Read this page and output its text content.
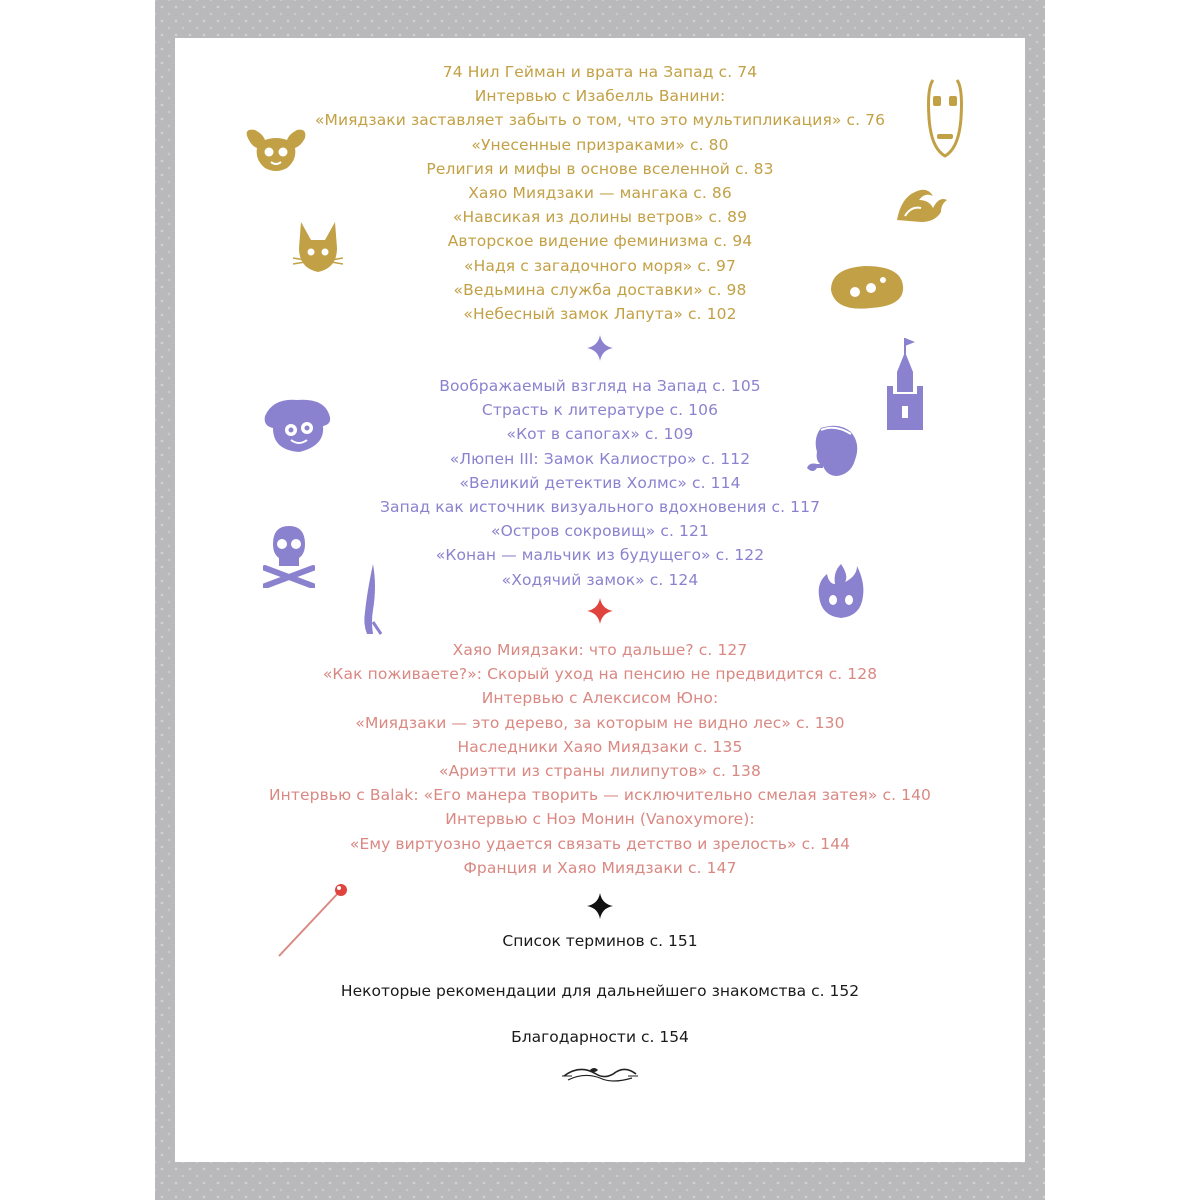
74 Нил Гейман и врата на Запад с. 74
Интервью с Изабелль Ванини:
«Миядзаки заставляет забыть о том, что это мультипликация» с. 76
«Унесенные призраками» с. 80
Религия и мифы в основе вселенной с. 83
Хаяо Миядзаки — мангака с. 86
«Навсикая из долины ветров» с. 89
Авторское видение феминизма с. 94
«Надя с загадочного моря» с. 97
«Ведьмина служба доставки» с. 98
«Небесный замок Лапута» с. 102
Воображаемый взгляд на Запад с. 105
Страсть к литературе с. 106
«Кот в сапогах» с. 109
«Люпен III: Замок Калиостро» с. 112
«Великий детектив Холмс» с. 114
Запад как источник визуального вдохновения с. 117
«Остров сокровищ» с. 121
«Конан — мальчик из будущего» с. 122
«Ходячий замок» с. 124
Хаяо Миядзаки: что дальше? с. 127
«Как поживаете?»: Скорый уход на пенсию не предвидится с. 128
Интервью с Алексисом Юно:
«Миядзаки — это дерево, за которым не видно лес» с. 130
Наследники Хаяо Миядзаки с. 135
«Ариэтти из страны лилипутов» с. 138
Интервью с Balak: «Его манера творить — исключительно смелая затея» с. 140
Интервью с Ноэ Монин (Vanoxymore):
«Ему виртуозно удается связать детство и зрелость» с. 144
Франция и Хаяо Миядзаки с. 147
Список терминов с. 151
Некоторые рекомендации для дальнейшего знакомства с. 152
Благодарности с. 154
